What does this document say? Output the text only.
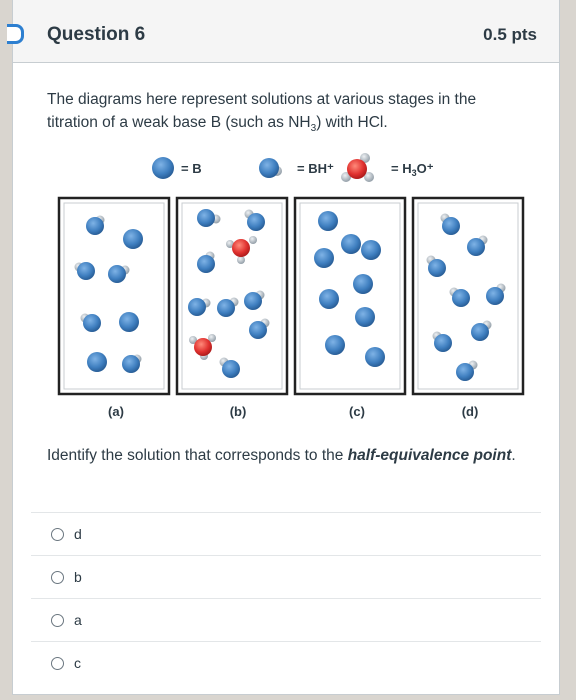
Question 6	0.5 pts
The diagrams here represent solutions at various stages in the titration of a weak base B (such as $NH_3$) with HCl.
= B	= BH⁺	= $H_3O^+$
(a)	(b)	(c)	(d)
Identify the solution that corresponds to the half-equivalence point.
d
b
a
c
